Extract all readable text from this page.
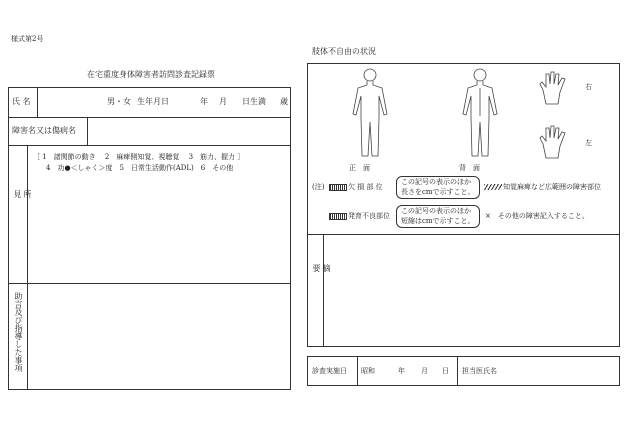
様式第2号
在宅重度身体障害者訪問診査記録票
肢体不自由の状況
氏 名	男・女 生年月日	年 月 日生満 歳
障害名又は傷病名
所見
［ 1　諸関節の動き　 2　麻痺側知覚、視聴覚　 3　筋力、握力 ］
4　功●＜しゃく＞度　5　日常生活動作(ADL)　6　その他
助言及び指導した事項
正　面	背　面
右
左
(注)	欠 損 部 位
この記号の表示のほか
長さをcmで示すこと。
知覚麻痺など広範囲の障害部位
発育不良部位
この記号の表示のほか
短縮はcmで示すこと。
×　その他の障害記入すること。
摘要
診査実施日 昭和	年 月 日 担当医氏名
